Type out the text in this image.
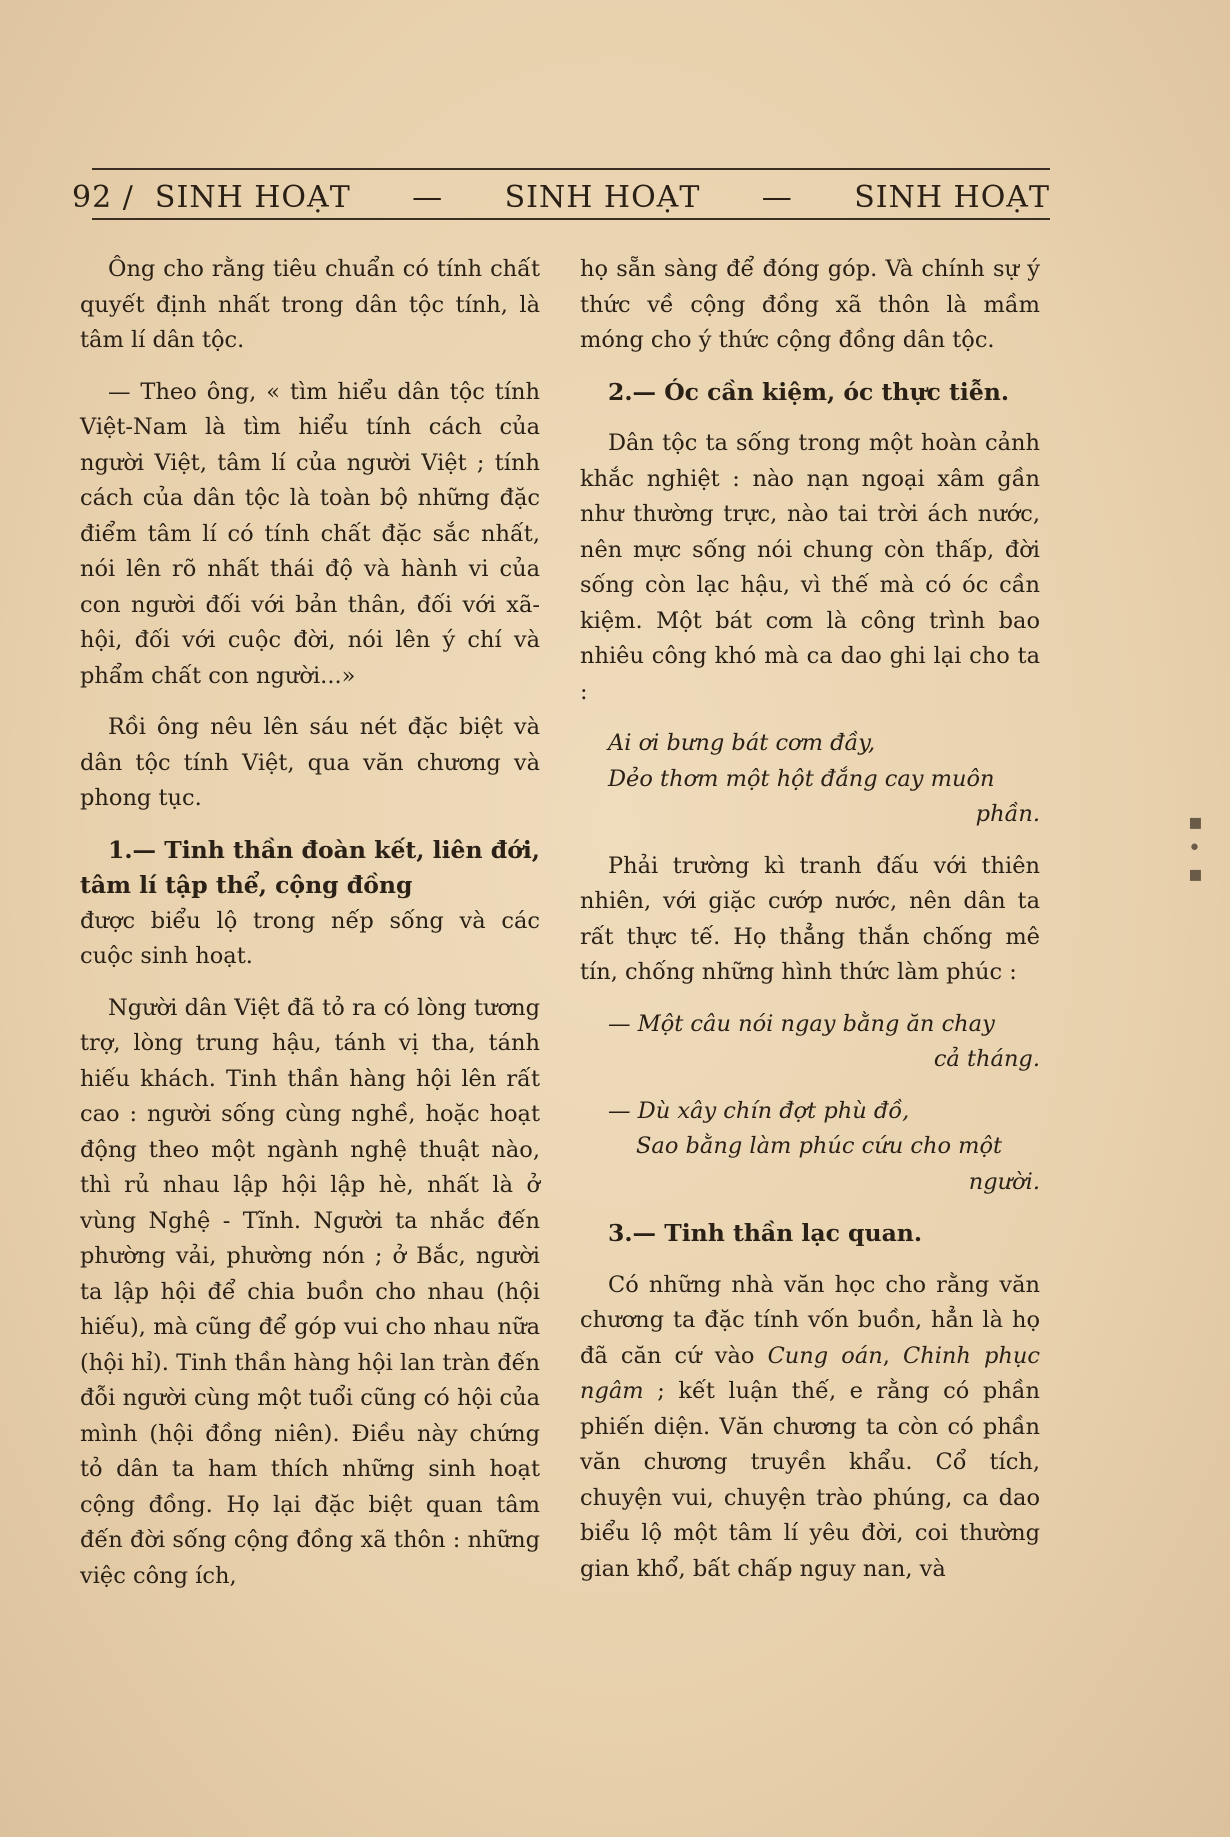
92 / SINH HOẠT — SINH HOẠT — SINH HOẠT

Ông cho rằng tiêu chuẩn có tính chất quyết định nhất trong dân tộc tính, là tâm lí dân tộc.

— Theo ông, « tìm hiểu dân tộc tính Việt-Nam là tìm hiểu tính cách của người Việt, tâm lí của người Việt ; tính cách của dân tộc là toàn bộ những đặc điểm tâm lí có tính chất đặc sắc nhất, nói lên rõ nhất thái độ và hành vi của con người đối với bản thân, đối với xã-hội, đối với cuộc đời, nói lên ý chí và phẩm chất con người...»

Rồi ông nêu lên sáu nét đặc biệt và dân tộc tính Việt, qua văn chương và phong tục.

1.— Tinh thần đoàn kết, liên đới, tâm lí tập thể, cộng đồng

được biểu lộ trong nếp sống và các cuộc sinh hoạt.

Người dân Việt đã tỏ ra có lòng tương trợ, lòng trung hậu, tánh vị tha, tánh hiếu khách. Tinh thần hàng hội lên rất cao : người sống cùng nghề, hoặc hoạt động theo một ngành nghệ thuật nào, thì rủ nhau lập hội lập hè, nhất là ở vùng Nghệ - Tĩnh. Người ta nhắc đến phường vải, phường nón ; ở Bắc, người ta lập hội để chia buồn cho nhau (hội hiếu), mà cũng để góp vui cho nhau nữa (hội hỉ). Tinh thần hàng hội lan tràn đến đỗi người cùng một tuổi cũng có hội của mình (hội đồng niên). Điều này chứng tỏ dân ta ham thích những sinh hoạt cộng đồng. Họ lại đặc biệt quan tâm đến đời sống cộng đồng xã thôn : những việc công ích,

họ sẵn sàng để đóng góp. Và chính sự ý thức về cộng đồng xã thôn là mầm móng cho ý thức cộng đồng dân tộc.

2.— Óc cần kiệm, óc thực tiễn.

Dân tộc ta sống trong một hoàn cảnh khắc nghiệt : nào nạn ngoại xâm gần như thường trực, nào tai trời ách nước, nên mực sống nói chung còn thấp, đời sống còn lạc hậu, vì thế mà có óc cần kiệm. Một bát cơm là công trình bao nhiêu công khó mà ca dao ghi lại cho ta :

Ai ơi bưng bát cơm đầy,
Dẻo thơm một hột đắng cay muôn
phần.

Phải trường kì tranh đấu với thiên nhiên, với giặc cướp nước, nên dân ta rất thực tế. Họ thẳng thắn chống mê tín, chống những hình thức làm phúc :

— Một câu nói ngay bằng ăn chay
cả tháng.
— Dù xây chín đợt phù đồ,
Sao bằng làm phúc cứu cho một
người.

3.— Tinh thần lạc quan.

Có những nhà văn học cho rằng văn chương ta đặc tính vốn buồn, hẳn là họ đã căn cứ vào Cung oán, Chinh phục ngâm ; kết luận thế, e rằng có phần phiến diện. Văn chương ta còn có phần văn chương truyền khẩu. Cổ tích, chuyện vui, chuyện trào phúng, ca dao biểu lộ một tâm lí yêu đời, coi thường gian khổ, bất chấp nguy nan, và

▪
•
▪
